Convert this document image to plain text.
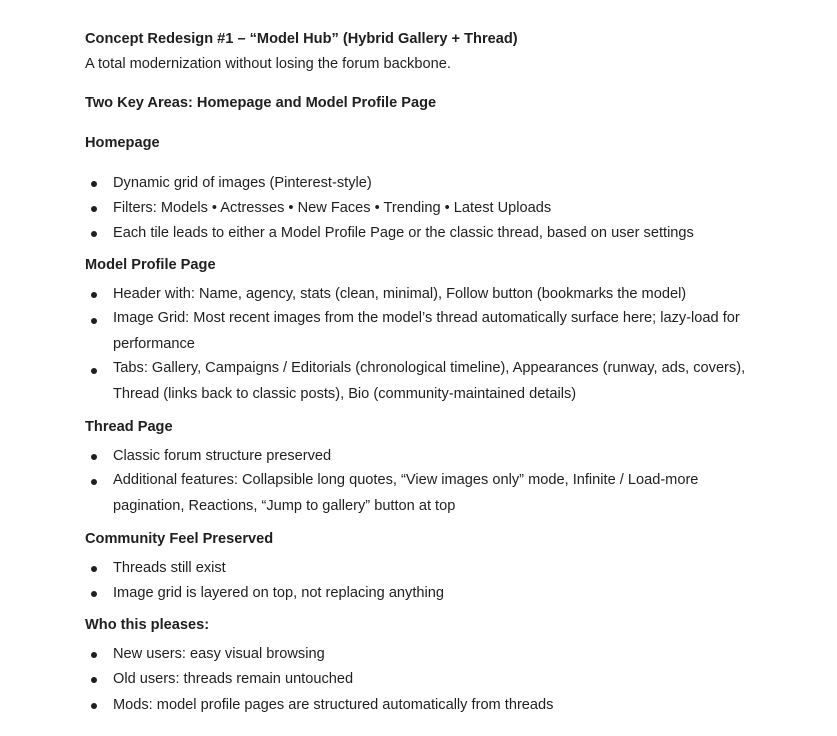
Concept Redesign #1 – “Model Hub” (Hybrid Gallery + Thread)
A total modernization without losing the forum backbone.
Two Key Areas: Homepage and Model Profile Page
Homepage
Dynamic grid of images (Pinterest-style)
Filters: Models • Actresses • New Faces • Trending • Latest Uploads
Each tile leads to either a Model Profile Page or the classic thread, based on user settings
Model Profile Page
Header with: Name, agency, stats (clean, minimal), Follow button (bookmarks the model)
Image Grid: Most recent images from the model’s thread automatically surface here; lazy-load for performance
Tabs: Gallery, Campaigns / Editorials (chronological timeline), Appearances (runway, ads, covers), Thread (links back to classic posts), Bio (community-maintained details)
Thread Page
Classic forum structure preserved
Additional features: Collapsible long quotes, “View images only” mode, Infinite / Load-more pagination, Reactions, “Jump to gallery” button at top
Community Feel Preserved
Threads still exist
Image grid is layered on top, not replacing anything
Who this pleases:
New users: easy visual browsing
Old users: threads remain untouched
Mods: model profile pages are structured automatically from threads
